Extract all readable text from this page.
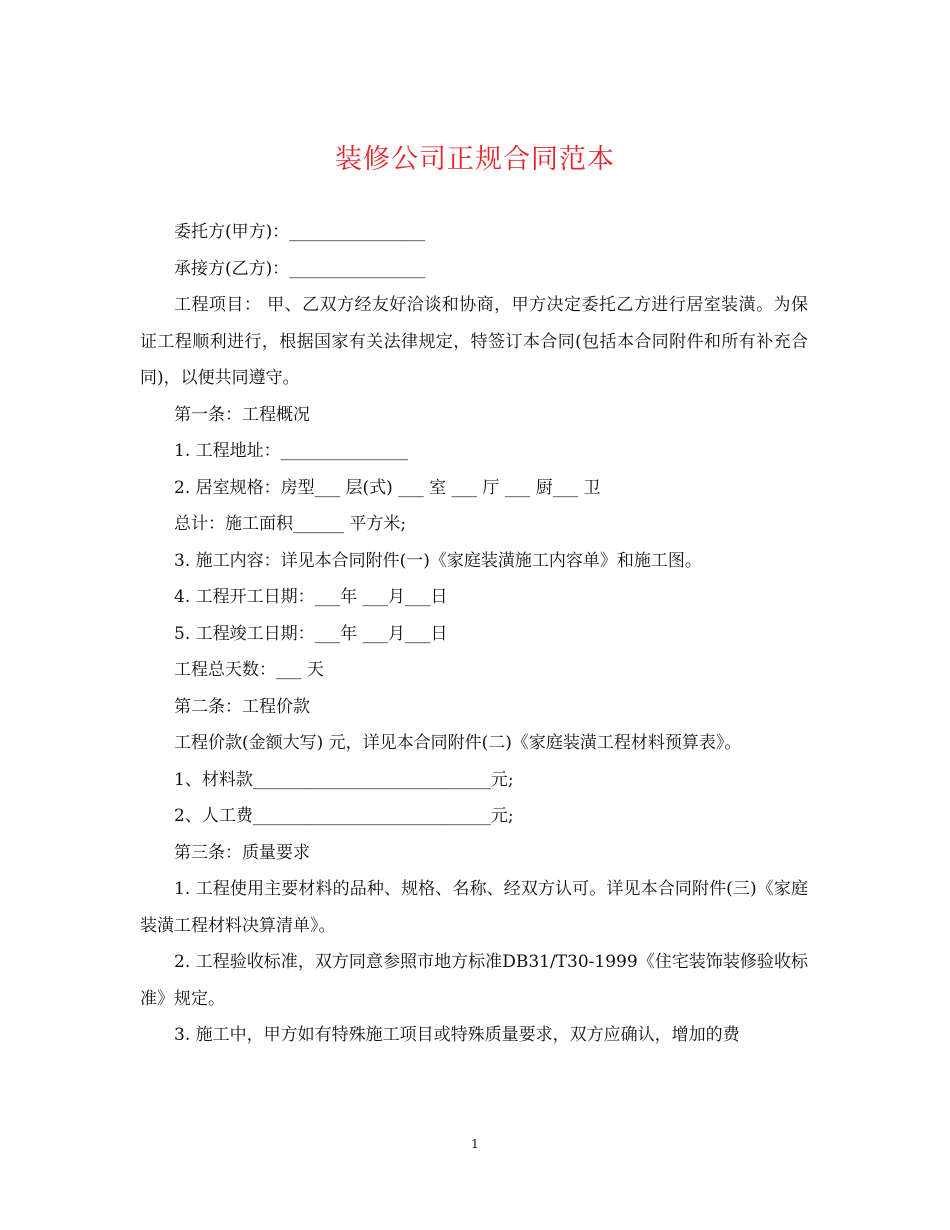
装修公司正规合同范本

委托方(甲方)：________________

承接方(乙方)：________________

工程项目： 甲、乙双方经友好洽谈和协商，甲方决定委托乙方进行居室装潢。为保证工程顺利进行，根据国家有关法律规定，特签订本合同(包括本合同附件和所有补充合同)，以便共同遵守。

第一条：工程概况

1. 工程地址：_______________

2. 居室规格：房型___ 层(式) ___ 室 ___ 厅 ___ 厨___ 卫

总计：施工面积______ 平方米;

3. 施工内容：详见本合同附件(一)《家庭装潢施工内容单》和施工图。

4. 工程开工日期：___年 ___月___日

5. 工程竣工日期：___年 ___月___日

工程总天数：___ 天

第二条：工程价款

工程价款(金额大写) 元，详见本合同附件(二)《家庭装潢工程材料预算表》。

1、材料款____________________________元;

2、人工费____________________________元;

第三条：质量要求

1. 工程使用主要材料的品种、规格、名称、经双方认可。详见本合同附件(三)《家庭装潢工程材料决算清单》。

2. 工程验收标准，双方同意参照市地方标准DB31/T30-1999《住宅装饰装修验收标准》规定。

3. 施工中，甲方如有特殊施工项目或特殊质量要求，双方应确认，增加的费

1
